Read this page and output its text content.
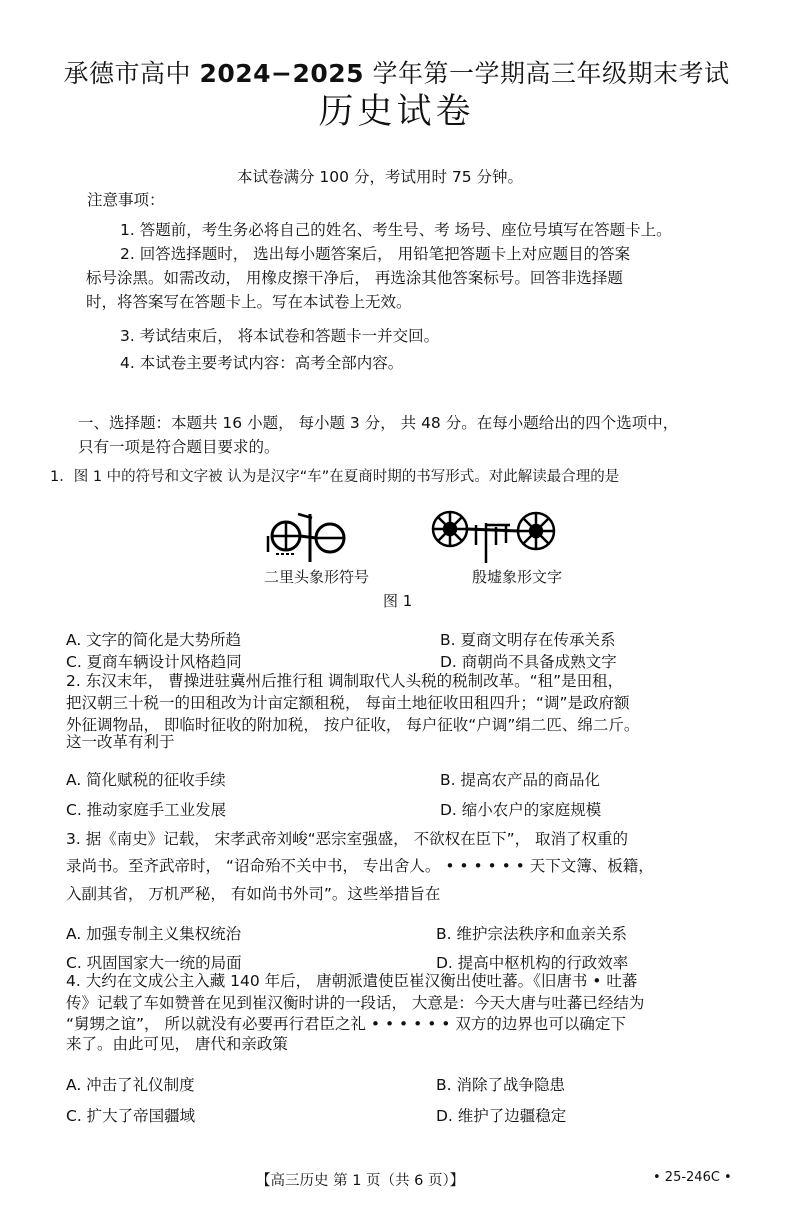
承德市高中 2024−2025 学年第一学期高三年级期末考试
历史试卷
本试卷满分 100 分，考试用时 75 分钟。
注意事项：
1. 答题前，考生务必将自己的姓名、考生号、考 场号、座位号填写在答题卡上。
2. 回答选择题时， 选出每小题答案后， 用铅笔把答题卡上对应题目的答案
标号涂黑。如需改动， 用橡皮擦干净后， 再选涂其他答案标号。回答非选择题
时，将答案写在答题卡上。写在本试卷上无效。
3. 考试结束后， 将本试卷和答题卡一并交回。
4. 本试卷主要考试内容：高考全部内容。
一、选择题：本题共 16 小题， 每小题 3 分， 共 48 分。在每小题给出的四个选项中，
只有一项是符合题目要求的。
1．图 1 中的符号和文字被 认为是汉字“车”在夏商时期的书写形式。对此解读最合理的是
二里头象形符号	殷墟象形文字
图 1
A. 文字的简化是大势所趋	B. 夏商文明存在传承关系
C. 夏商车辆设计风格趋同	D. 商朝尚不具备成熟文字
2. 东汉末年， 曹操进驻冀州后推行租 调制取代人头税的税制改革。“租”是田租，
把汉朝三十税一的田租改为计亩定额租税， 每亩土地征收田租四升；“调”是政府额
外征调物品， 即临时征收的附加税， 按户征收， 每户征收“户调”绢二匹、绵二斤。
这一改革有利于
A. 简化赋税的征收手续	B. 提高农产品的商品化
C. 推动家庭手工业发展	D. 缩小农户的家庭规模
3. 据《南史》记载， 宋孝武帝刘峻“恶宗室强盛， 不欲权在臣下”， 取消了权重的
录尚书。至齐武帝时， “诏命殆不关中书， 专出舍人。 • • • • • • 天下文簿、板籍，
入副其省， 万机严秘， 有如尚书外司”。这些举措旨在
A. 加强专制主义集权统治	B. 维护宗法秩序和血亲关系
C. 巩固国家大一统的局面	D. 提高中枢机构的行政效率
4. 大约在文成公主入藏 140 年后， 唐朝派遣使臣崔汉衡出使吐蕃。《旧唐书 • 吐蕃
传》记载了车如赞普在见到崔汉衡时讲的一段话， 大意是：今天大唐与吐蕃已经结为
“舅甥之谊”， 所以就没有必要再行君臣之礼 • • • • • • 双方的边界也可以确定下
来了。由此可见， 唐代和亲政策
A. 冲击了礼仪制度	B. 消除了战争隐患
C. 扩大了帝国疆域	D. 维护了边疆稳定
【高三历史 第 1 页（共 6 页）】	• 25-246C •
